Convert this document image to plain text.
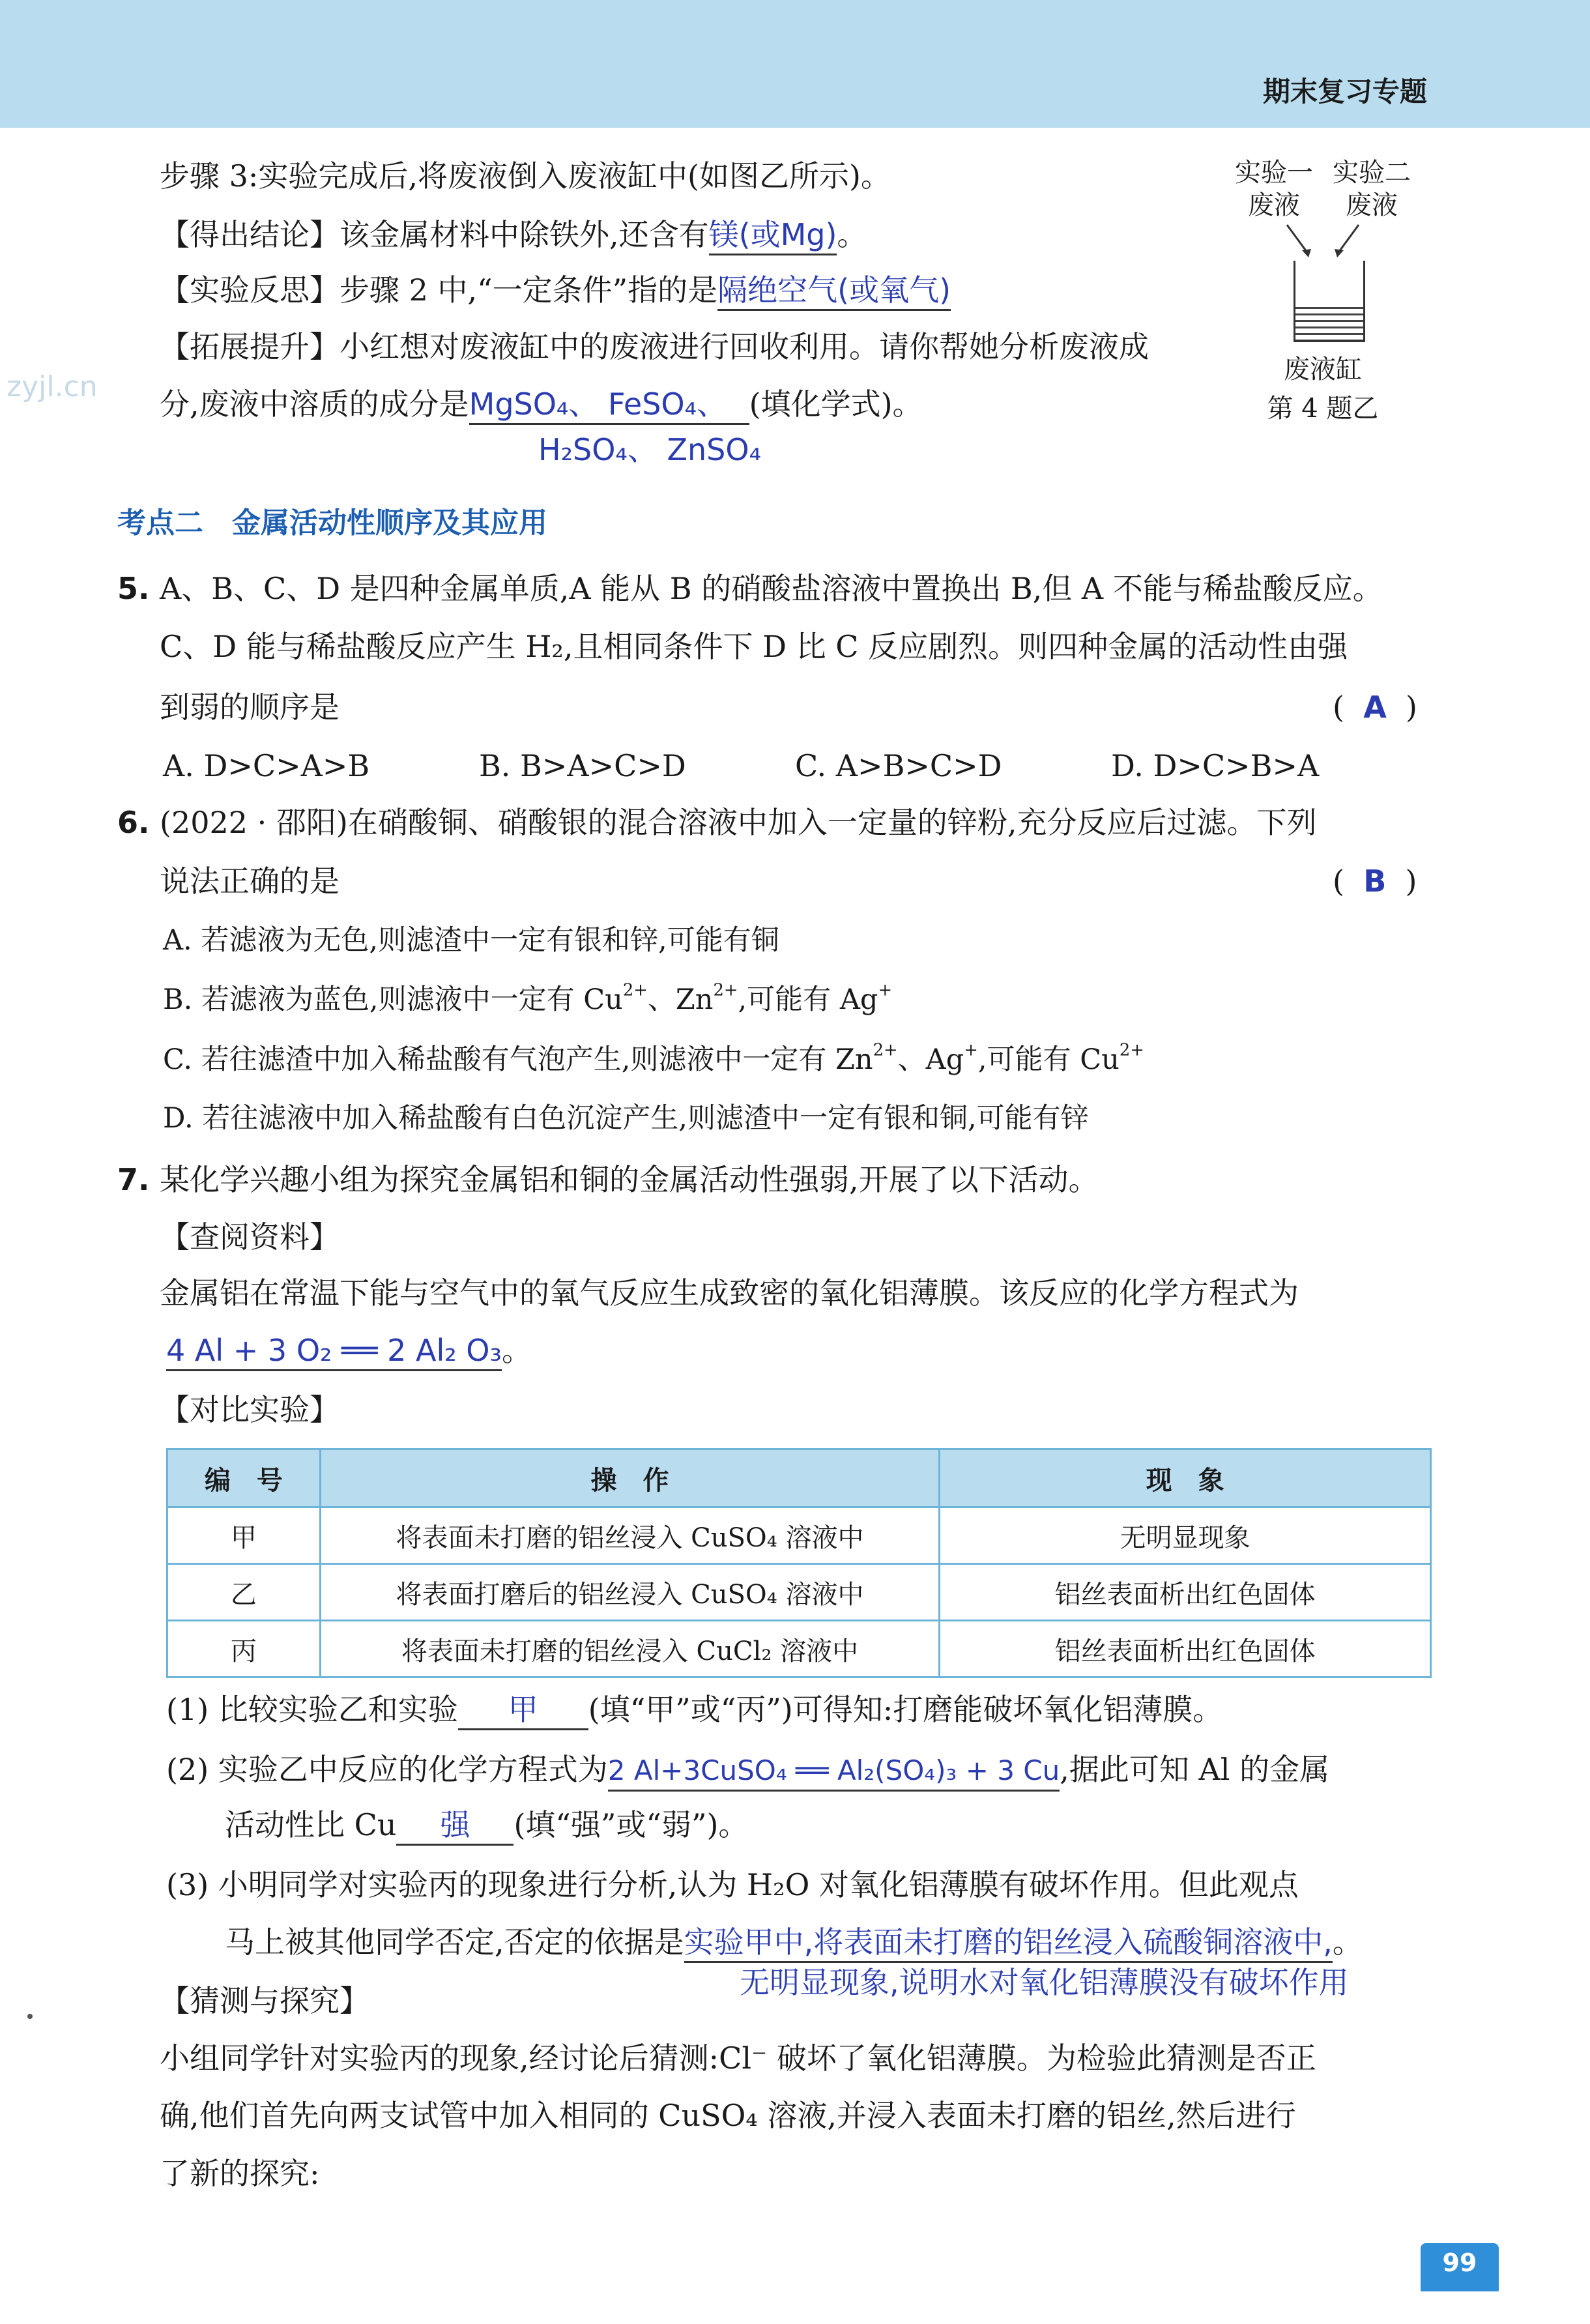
期末复习专题
zyjl.cn
步骤 3:实验完成后,将废液倒入废液缸中(如图乙所示)。
【得出结论】该金属材料中除铁外,还含有镁(或Mg)。
【实验反思】步骤 2 中,“一定条件”指的是隔绝空气(或氧气)
【拓展提升】小红想对废液缸中的废液进行回收利用。请你帮她分析废液成
分,废液中溶质的成分是MgSO₄、 FeSO₄、 (填化学式)。
H₂SO₄、 ZnSO₄
实验一
废液
实验二
废液
废液缸
第 4 题乙
考点二　金属活动性顺序及其应用
5. A、B、C、D 是四种金属单质,A 能从 B 的硝酸盐溶液中置换出 B,但 A 不能与稀盐酸反应。
C、D 能与稀盐酸反应产生 H₂,且相同条件下 D 比 C 反应剧烈。则四种金属的活动性由强
到弱的顺序是	(  A  )
A. D>C>A>B	B. B>A>C>D	C. A>B>C>D	D. D>C>B>A
6. (2022 · 邵阳)在硝酸铜、硝酸银的混合溶液中加入一定量的锌粉,充分反应后过滤。下列
说法正确的是	(  B  )
A. 若滤液为无色,则滤渣中一定有银和锌,可能有铜
B. 若滤液为蓝色,则滤液中一定有 $Cu^{2+}$、$Zn^{2+}$,可能有 Ag+
C. 若往滤渣中加入稀盐酸有气泡产生,则滤液中一定有 $Zn^{2+}$、Ag+,可能有 $Cu^{2+}$
D. 若往滤液中加入稀盐酸有白色沉淀产生,则滤渣中一定有银和铜,可能有锌
7. 某化学兴趣小组为探究金属铝和铜的金属活动性强弱,开展了以下活动。
【查阅资料】
金属铝在常温下能与空气中的氧气反应生成致密的氧化铝薄膜。该反应的化学方程式为
4 Al + 3 O₂ ══ 2 Al₂ O₃。
【对比实验】
编　号	操　作	现　象
甲	将表面未打磨的铝丝浸入 CuSO₄ 溶液中	无明显现象
乙	将表面打磨后的铝丝浸入 CuSO₄ 溶液中	铝丝表面析出红色固体
丙	将表面未打磨的铝丝浸入 CuCl₂ 溶液中	铝丝表面析出红色固体
(1) 比较实验乙和实验 甲 (填“甲”或“丙”)可得知:打磨能破坏氧化铝薄膜。
(2) 实验乙中反应的化学方程式为2 Al+3CuSO₄ ══ Al₂(SO₄)₃ + 3 Cu,据此可知 Al 的金属
活动性比 Cu 强 (填“强”或“弱”)。
(3) 小明同学对实验丙的现象进行分析,认为 H₂O 对氧化铝薄膜有破坏作用。但此观点
马上被其他同学否定,否定的依据是实验甲中,将表面未打磨的铝丝浸入硫酸铜溶液中,。
无明显现象,说明水对氧化铝薄膜没有破坏作用
【猜测与探究】
小组同学针对实验丙的现象,经讨论后猜测:Cl⁻ 破坏了氧化铝薄膜。为检验此猜测是否正
确,他们首先向两支试管中加入相同的 CuSO₄ 溶液,并浸入表面未打磨的铝丝,然后进行
了新的探究:
99
